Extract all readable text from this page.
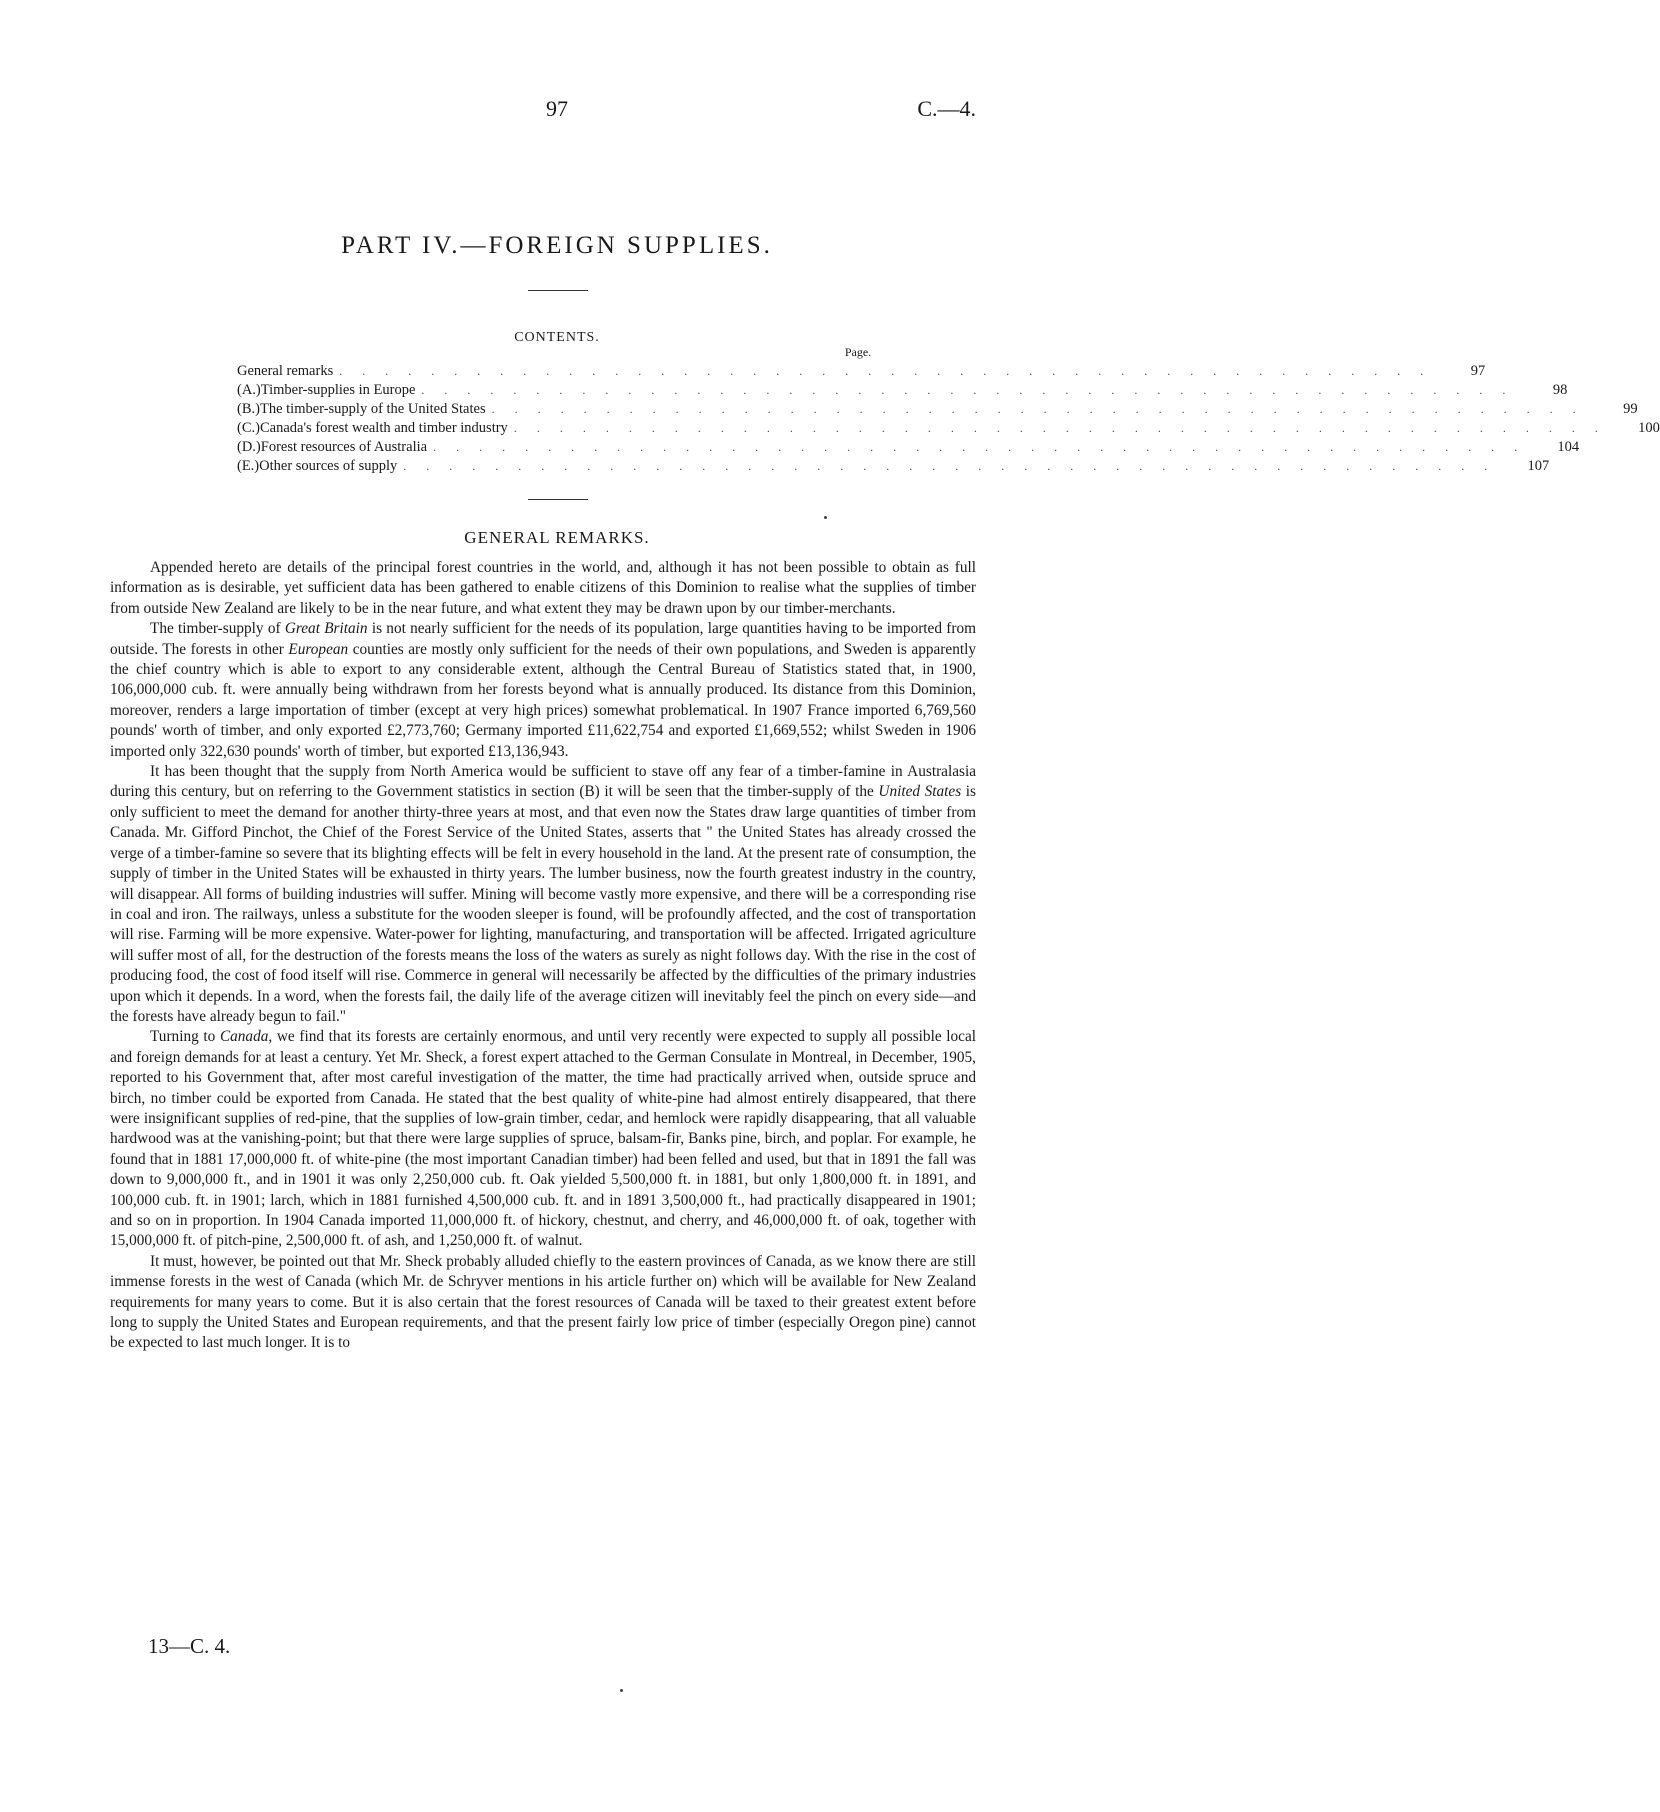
97	C.—4.
PART IV.—FOREIGN SUPPLIES.
CONTENTS.
Page.
General remarks ................................................	97
(A.) Timber-supplies in Europe ................................................	98
(B.) The timber-supply of the United States ................................................	99
(C.) Canada's forest wealth and timber industry ................................................	100
(D.) Forest resources of Australia ................................................	104
(E.) Other sources of supply ................................................	107
GENERAL REMARKS.

Appended hereto are details of the principal forest countries in the world, and, although it has not been possible to obtain as full information as is desirable, yet sufficient data has been gathered to enable citizens of this Dominion to realise what the supplies of timber from outside New Zealand are likely to be in the near future, and what extent they may be drawn upon by our timber-merchants.

The timber-supply of Great Britain is not nearly sufficient for the needs of its population, large quantities having to be imported from outside. The forests in other European counties are mostly only sufficient for the needs of their own populations, and Sweden is apparently the chief country which is able to export to any considerable extent, although the Central Bureau of Statistics stated that, in 1900, 106,000,000 cub. ft. were annually being withdrawn from her forests beyond what is annually produced. Its distance from this Dominion, moreover, renders a large importation of timber (except at very high prices) somewhat problematical. In 1907 France imported 6,769,560 pounds' worth of timber, and only exported £2,773,760; Germany imported £11,622,754 and exported £1,669,552; whilst Sweden in 1906 imported only 322,630 pounds' worth of timber, but exported £13,136,943.

It has been thought that the supply from North America would be sufficient to stave off any fear of a timber-famine in Australasia during this century, but on referring to the Government statistics in section (B) it will be seen that the timber-supply of the United States is only sufficient to meet the demand for another thirty-three years at most, and that even now the States draw large quantities of timber from Canada. Mr. Gifford Pinchot, the Chief of the Forest Service of the United States, asserts that " the United States has already crossed the verge of a timber-famine so severe that its blighting effects will be felt in every household in the land. At the present rate of consumption, the supply of timber in the United States will be exhausted in thirty years. The lumber business, now the fourth greatest industry in the country, will disappear. All forms of building industries will suffer. Mining will become vastly more expensive, and there will be a corresponding rise in coal and iron. The railways, unless a substitute for the wooden sleeper is found, will be profoundly affected, and the cost of transportation will rise. Farming will be more expensive. Water-power for lighting, manufacturing, and transportation will be affected. Irrigated agriculture will suffer most of all, for the destruction of the forests means the loss of the waters as surely as night follows day. With the rise in the cost of producing food, the cost of food itself will rise. Commerce in general will necessarily be affected by the difficulties of the primary industries upon which it depends. In a word, when the forests fail, the daily life of the average citizen will inevitably feel the pinch on every side—and the forests have already begun to fail."

Turning to Canada, we find that its forests are certainly enormous, and until very recently were expected to supply all possible local and foreign demands for at least a century. Yet Mr. Sheck, a forest expert attached to the German Consulate in Montreal, in December, 1905, reported to his Government that, after most careful investigation of the matter, the time had practically arrived when, outside spruce and birch, no timber could be exported from Canada. He stated that the best quality of white-pine had almost entirely disappeared, that there were insignificant supplies of red-pine, that the supplies of low-grain timber, cedar, and hemlock were rapidly disappearing, that all valuable hardwood was at the vanishing-point; but that there were large supplies of spruce, balsam-fir, Banks pine, birch, and poplar. For example, he found that in 1881 17,000,000 ft. of white-pine (the most important Canadian timber) had been felled and used, but that in 1891 the fall was down to 9,000,000 ft., and in 1901 it was only 2,250,000 cub. ft. Oak yielded 5,500,000 ft. in 1881, but only 1,800,000 ft. in 1891, and 100,000 cub. ft. in 1901; larch, which in 1881 furnished 4,500,000 cub. ft. and in 1891 3,500,000 ft., had practically disappeared in 1901; and so on in proportion. In 1904 Canada imported 11,000,000 ft. of hickory, chestnut, and cherry, and 46,000,000 ft. of oak, together with 15,000,000 ft. of pitch-pine, 2,500,000 ft. of ash, and 1,250,000 ft. of walnut.

It must, however, be pointed out that Mr. Sheck probably alluded chiefly to the eastern provinces of Canada, as we know there are still immense forests in the west of Canada (which Mr. de Schryver mentions in his article further on) which will be available for New Zealand requirements for many years to come. But it is also certain that the forest resources of Canada will be taxed to their greatest extent before long to supply the United States and European requirements, and that the present fairly low price of timber (especially Oregon pine) cannot be expected to last much longer. It is to

13—C. 4.
